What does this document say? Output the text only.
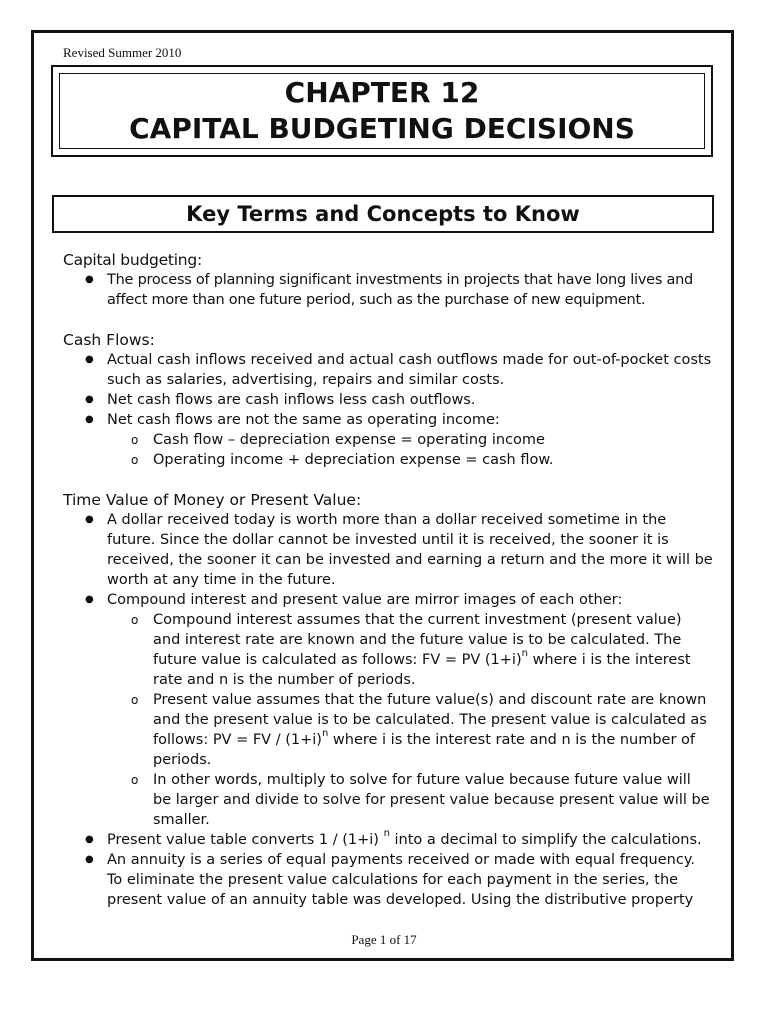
Revised Summer 2010
CHAPTER 12
CAPITAL BUDGETING DECISIONS
Key Terms and Concepts to Know

Capital budgeting:

● The process of planning significant investments in projects that have long lives and affect more than one future period, such as the purchase of new equipment.

Cash Flows:

● Actual cash inflows received and actual cash outflows made for out-of-pocket costs such as salaries, advertising, repairs and similar costs.
● Net cash flows are cash inflows less cash outflows.
● Net cash flows are not the same as operating income:
o Cash flow – depreciation expense = operating income
o Operating income + depreciation expense = cash flow.

Time Value of Money or Present Value:

● A dollar received today is worth more than a dollar received sometime in the future. Since the dollar cannot be invested until it is received, the sooner it is received, the sooner it can be invested and earning a return and the more it will be worth at any time in the future.
● Compound interest and present value are mirror images of each other:
o Compound interest assumes that the current investment (present value) and interest rate are known and the future value is to be calculated. The future value is calculated as follows: FV = PV $(1+i)^n$ where i is the interest rate and n is the number of periods.
o Present value assumes that the future value(s) and discount rate are known and the present value is to be calculated. The present value is calculated as follows: PV = FV / $(1+i)^n$ where i is the interest rate and n is the number of periods.
o In other words, multiply to solve for future value because future value will be larger and divide to solve for present value because present value will be smaller.
● Present value table converts 1 / (1+i) $^n$ into a decimal to simplify the calculations.
● An annuity is a series of equal payments received or made with equal frequency. To eliminate the present value calculations for each payment in the series, the present value of an annuity table was developed. Using the distributive property
Page 1 of 17
